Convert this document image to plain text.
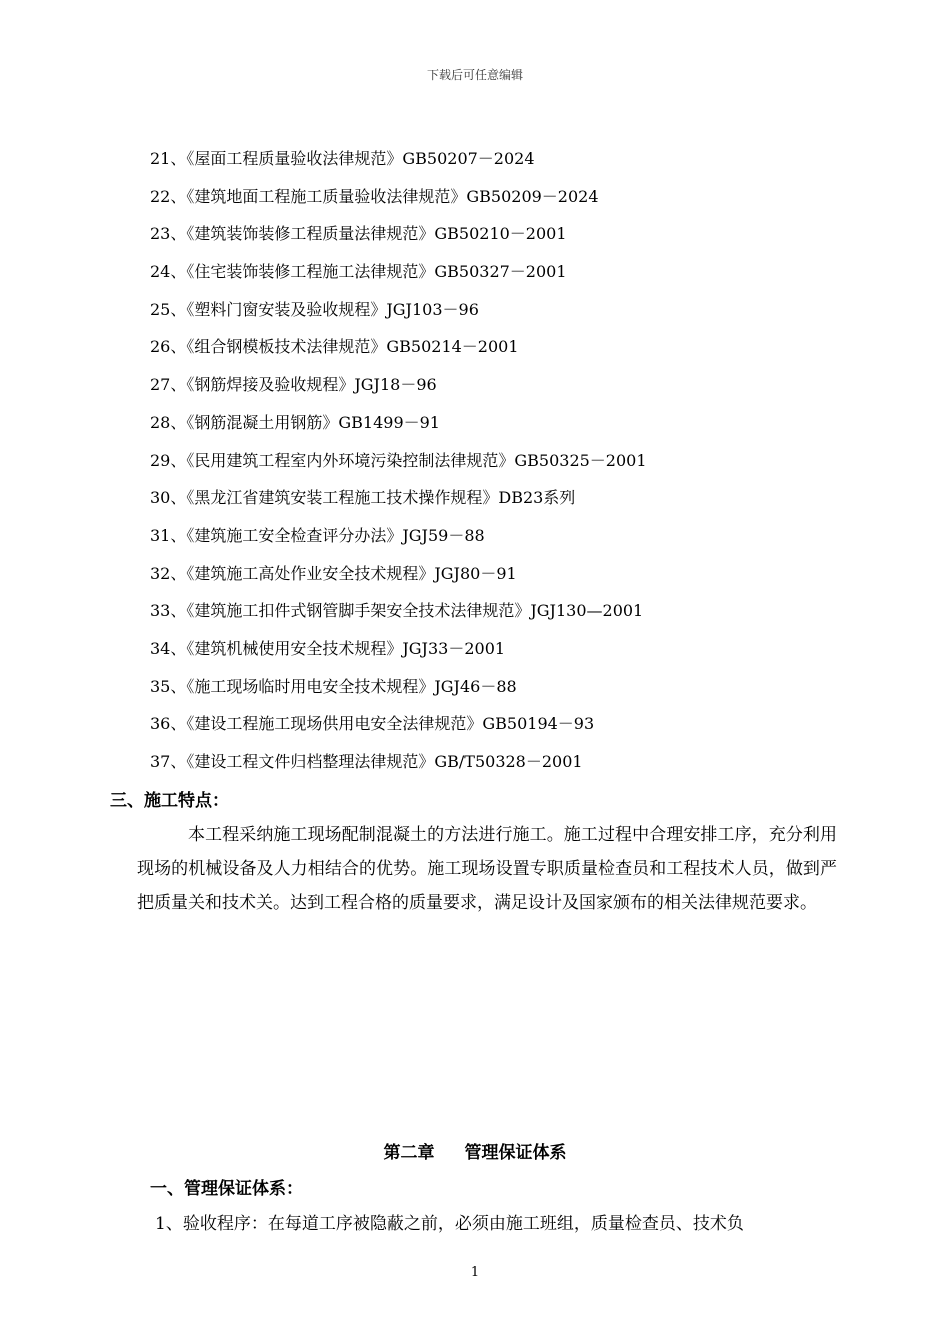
下载后可任意编辑
21、《屋面工程质量验收法律规范》GB50207－2024
22、《建筑地面工程施工质量验收法律规范》GB50209－2024
23、《建筑装饰装修工程质量法律规范》GB50210－2001
24、《住宅装饰装修工程施工法律规范》GB50327－2001
25、《塑料门窗安装及验收规程》JGJ103－96
26、《组合钢模板技术法律规范》GB50214－2001
27、《钢筋焊接及验收规程》JGJ18－96
28、《钢筋混凝土用钢筋》GB1499－91
29、《民用建筑工程室内外环境污染控制法律规范》GB50325－2001
30、《黑龙江省建筑安装工程施工技术操作规程》DB23系列
31、《建筑施工安全检查评分办法》JGJ59－88
32、《建筑施工高处作业安全技术规程》JGJ80－91
33、《建筑施工扣件式钢管脚手架安全技术法律规范》JGJ130—2001
34、《建筑机械使用安全技术规程》JGJ33－2001
35、《施工现场临时用电安全技术规程》JGJ46－88
36、《建设工程施工现场供用电安全法律规范》GB50194－93
37、《建设工程文件归档整理法律规范》GB/T50328－2001
三、施工特点：
本工程采纳施工现场配制混凝土的方法进行施工。施工过程中合理安排工序，充分利用现场的机械设备及人力相结合的优势。施工现场设置专职质量检查员和工程技术人员，做到严把质量关和技术关。达到工程合格的质量要求，满足设计及国家颁布的相关法律规范要求。
第二章 管理保证体系
一、管理保证体系：
1、验收程序：在每道工序被隐蔽之前，必须由施工班组，质量检查员、技术负
1
